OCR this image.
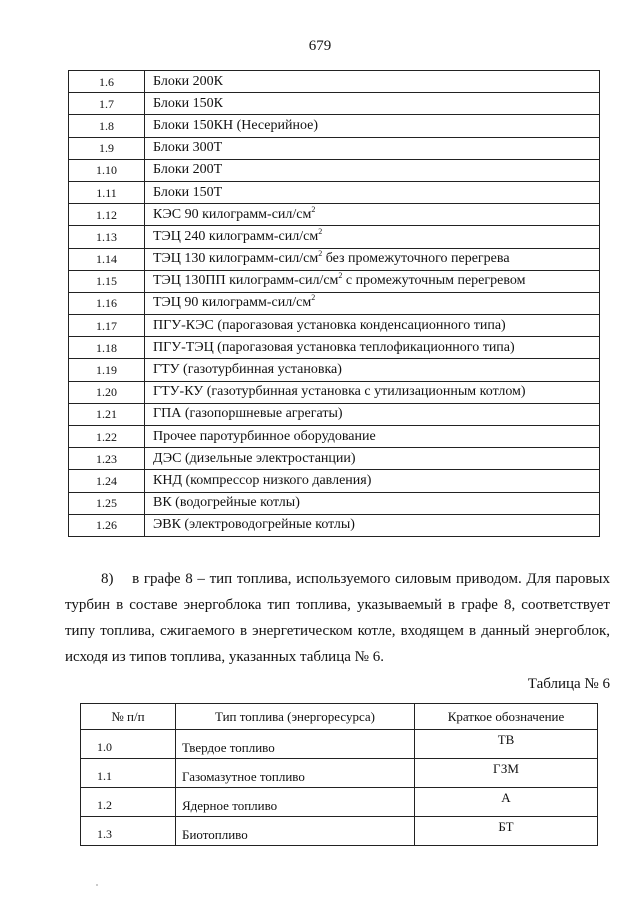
679
1.6	Блоки 200К
1.7	Блоки 150К
1.8	Блоки 150КН (Несерийное)
1.9	Блоки 300Т
1.10	Блоки 200Т
1.11	Блоки 150Т
1.12	КЭС 90 килограмм-$сил/см^2$
1.13	ТЭЦ 240 килограмм-$сил/см^2$
1.14	ТЭЦ 130 килограмм-$сил/см^2$ без промежуточного перегрева
1.15	ТЭЦ 130ПП килограмм-$сил/см^2$ с промежуточным перегревом
1.16	ТЭЦ 90 килограмм-$сил/см^2$
1.17	ПГУ-КЭС (парогазовая установка конденсационного типа)
1.18	ПГУ-ТЭЦ (парогазовая установка теплофикационного типа)
1.19	ГТУ (газотурбинная установка)
1.20	ГТУ-КУ (газотурбинная установка с утилизационным котлом)
1.21	ГПА (газопоршневые агрегаты)
1.22	Прочее паротурбинное оборудование
1.23	ДЭС (дизельные электростанции)
1.24	КНД (компрессор низкого давления)
1.25	ВК (водогрейные котлы)
1.26	ЭВК (электроводогрейные котлы)

8) в графе 8 – тип топлива, используемого силовым приводом. Для паровых турбин в составе энергоблока тип топлива, указываемый в графе 8, соответствует типу топлива, сжигаемого в энергетическом котле, входящем в данный энергоблок, исходя из типов топлива, указанных таблица № 6.

Таблица № 6
№ п/п	Тип топлива (энергоресурса)	Краткое обозначение
1.0	Твердое топливо	ТВ
1.1	Газомазутное топливо	ГЗМ
1.2	Ядерное топливо	А
1.3	Биотопливо	БТ
